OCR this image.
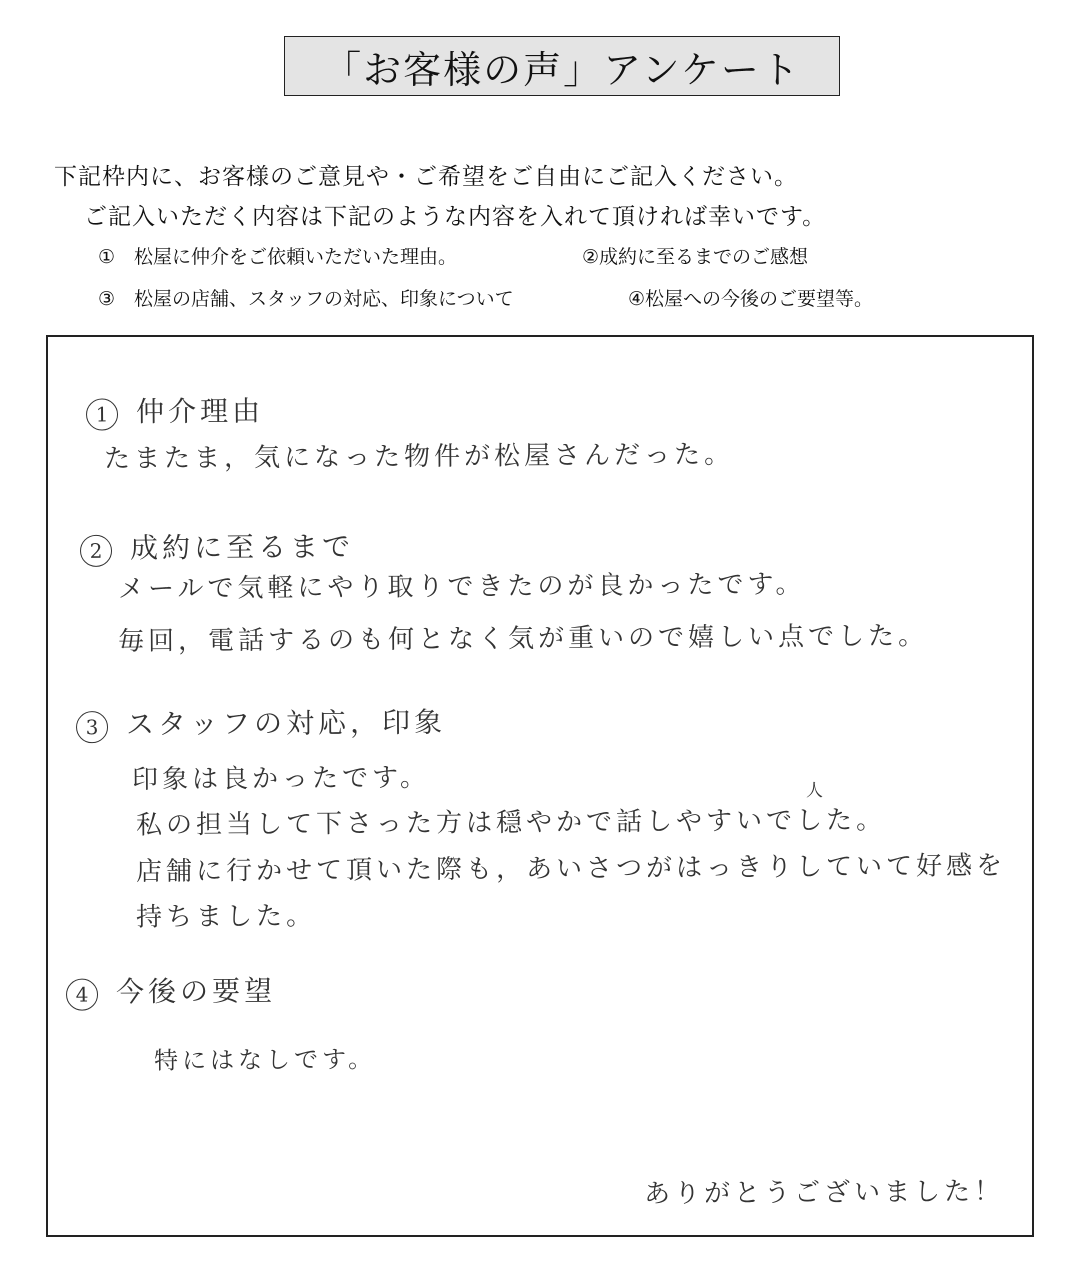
「お客様の声」アンケート
下記枠内に、お客様のご意見や・ご希望をご自由にご記入ください。
ご記入いただく内容は下記のような内容を入れて頂ければ幸いです。
①　松屋に仲介をご依頼いただいた理由。	②成約に至るまでのご感想
③　松屋の店舗、スタッフの対応、印象について	④松屋への今後のご要望等。
1 仲介理由
たまたま，気になった物件が松屋さんだった。
2 成約に至るまで
メールで気軽にやり取りできたのが良かったです。
毎回，電話するのも何となく気が重いので嬉しい点でした。
3 スタッフの対応，印象
印象は良かったです。	人
私の担当して下さった方は穏やかで話しやすいでした。
店舗に行かせて頂いた際も，あいさつがはっきりしていて好感を
持ちました。
4 今後の要望
特にはなしです。
ありがとうございました！
